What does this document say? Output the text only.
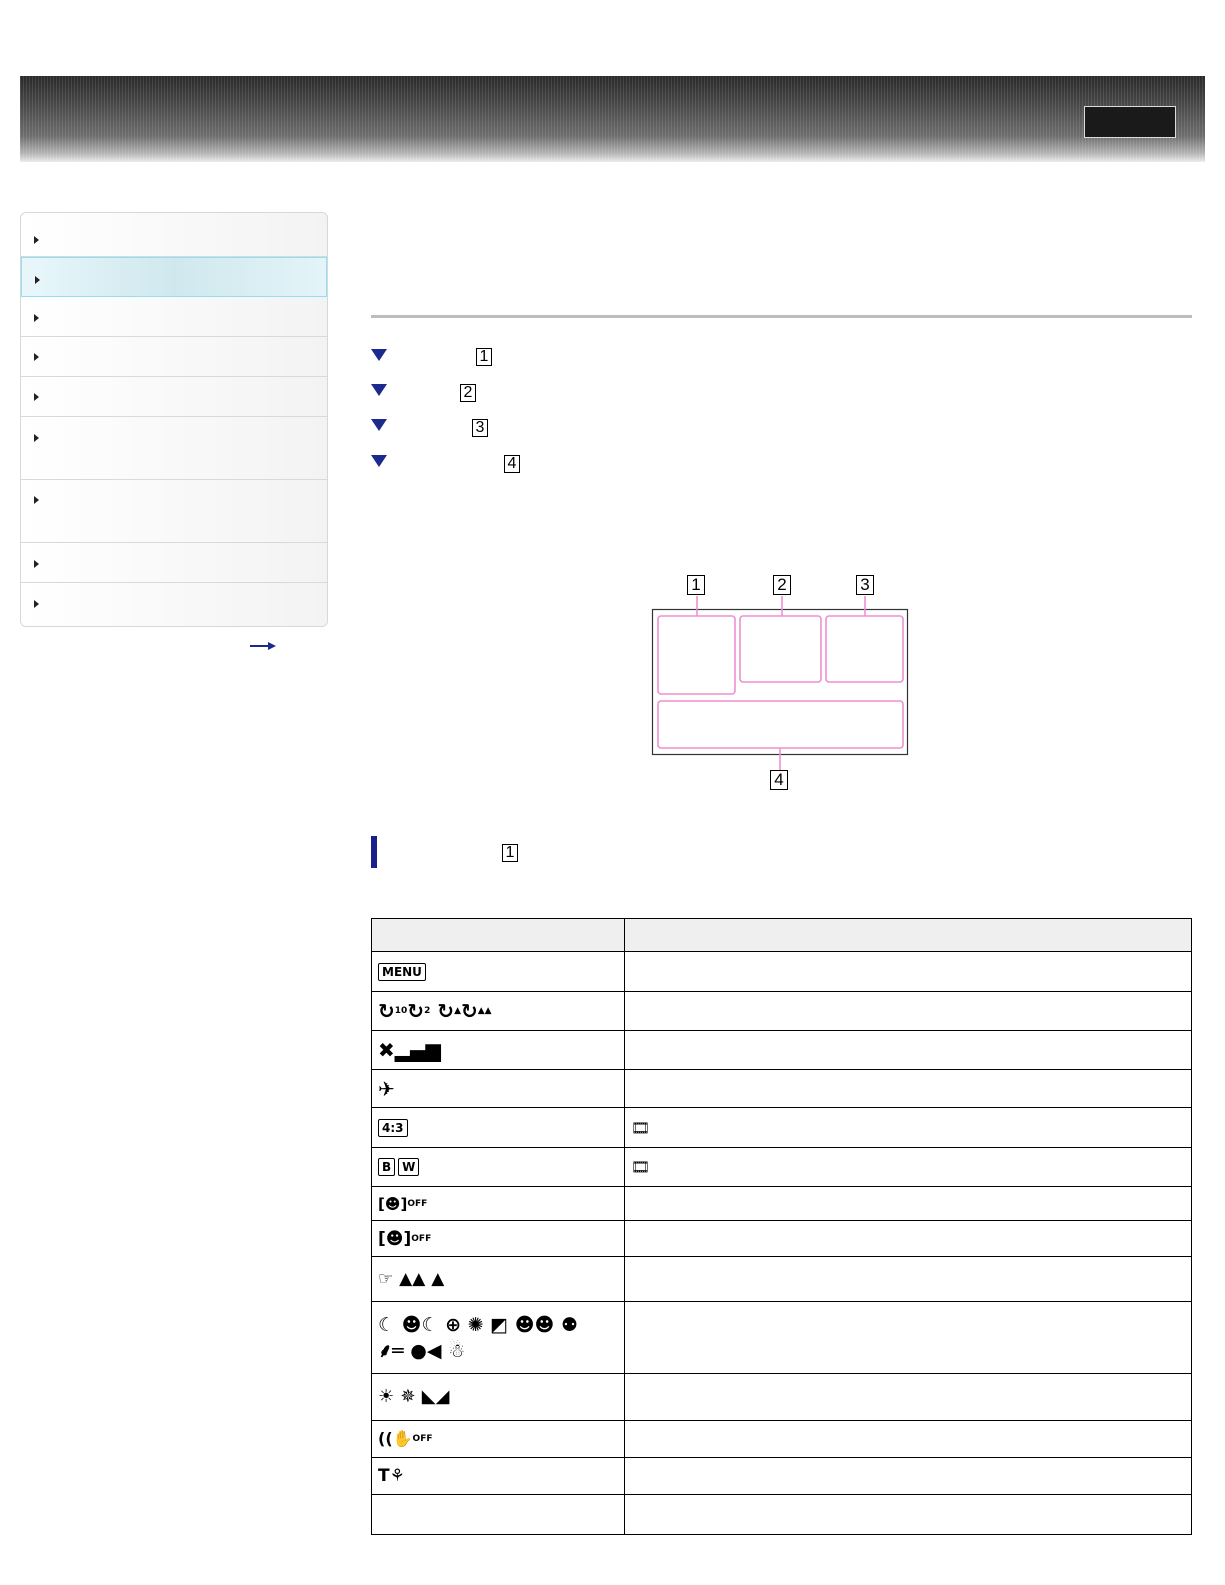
1
2
3
4
1	2	3
4
1

MENU	
↻10↻2 ↻▲↻▲▲	
✖▂▄▆	
✈	
4:3	🎞
B W	🎞
[☻]OFF	
[☻]OFF	
☞ ▲▲ ▲	
☾ ☻☾ ⊕ ✺ ◩ ☻☻ ⚉
⸙═ ●◀ ☃	
☀ ✵ ◣◢	
((✋OFF	
T⚘	
